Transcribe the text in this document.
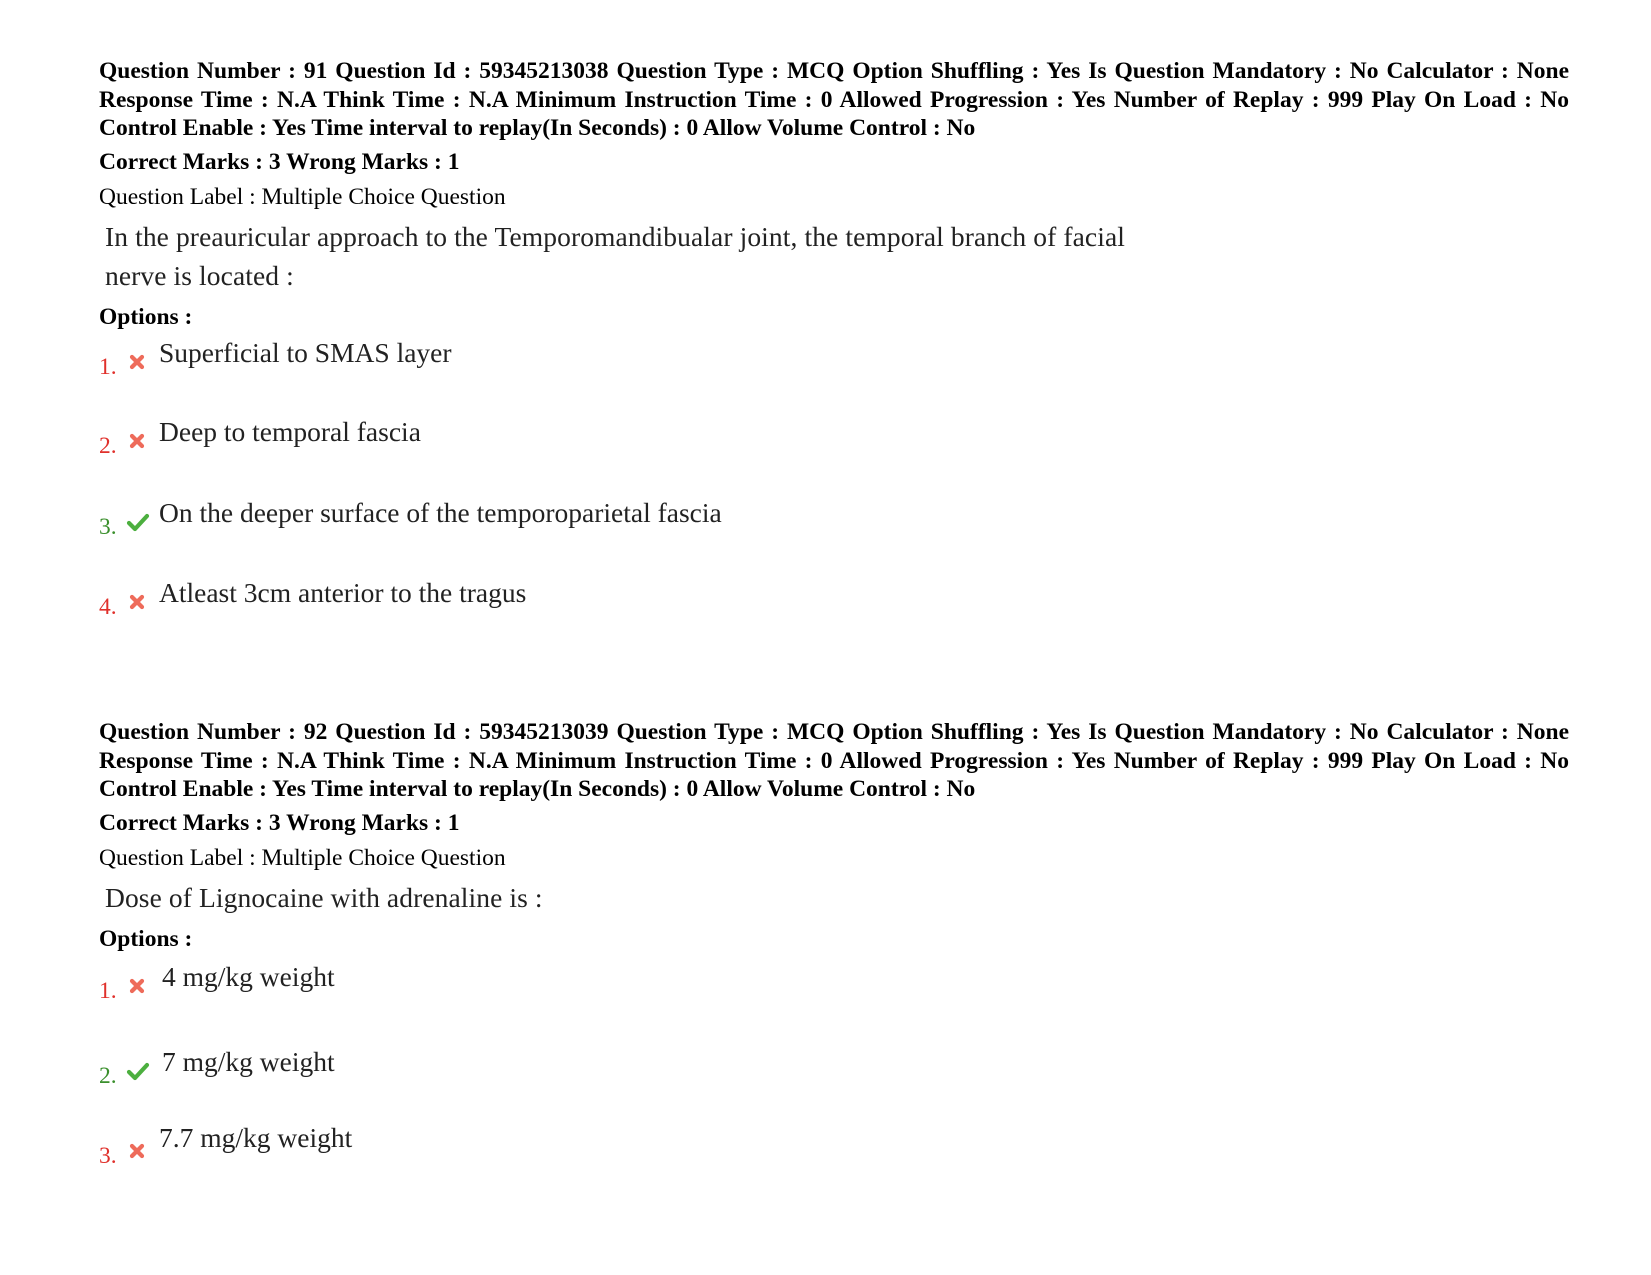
Question Number : 91 Question Id : 59345213038 Question Type : MCQ Option Shuffling : Yes Is Question Mandatory : No Calculator : None Response Time : N.A Think Time : N.A Minimum Instruction Time : 0 Allowed Progression : Yes Number of Replay : 999 Play On Load : No Control Enable : Yes Time interval to replay(In Seconds) : 0 Allow Volume Control : No

Correct Marks : 3 Wrong Marks : 1
Question Label : Multiple Choice Question
In the preauricular approach to the Temporomandibualar joint, the temporal branch of facial nerve is located :
Options :
1. Superficial to SMAS layer
2. Deep to temporal fascia
3. On the deeper surface of the temporoparietal fascia
4. Atleast 3cm anterior to the tragus

Question Number : 92 Question Id : 59345213039 Question Type : MCQ Option Shuffling : Yes Is Question Mandatory : No Calculator : None Response Time : N.A Think Time : N.A Minimum Instruction Time : 0 Allowed Progression : Yes Number of Replay : 999 Play On Load : No Control Enable : Yes Time interval to replay(In Seconds) : 0 Allow Volume Control : No

Correct Marks : 3 Wrong Marks : 1
Question Label : Multiple Choice Question
Dose of Lignocaine with adrenaline is :
Options :
1. 4 mg/kg weight
2. 7 mg/kg weight
3.
7.7 mg/kg weight
